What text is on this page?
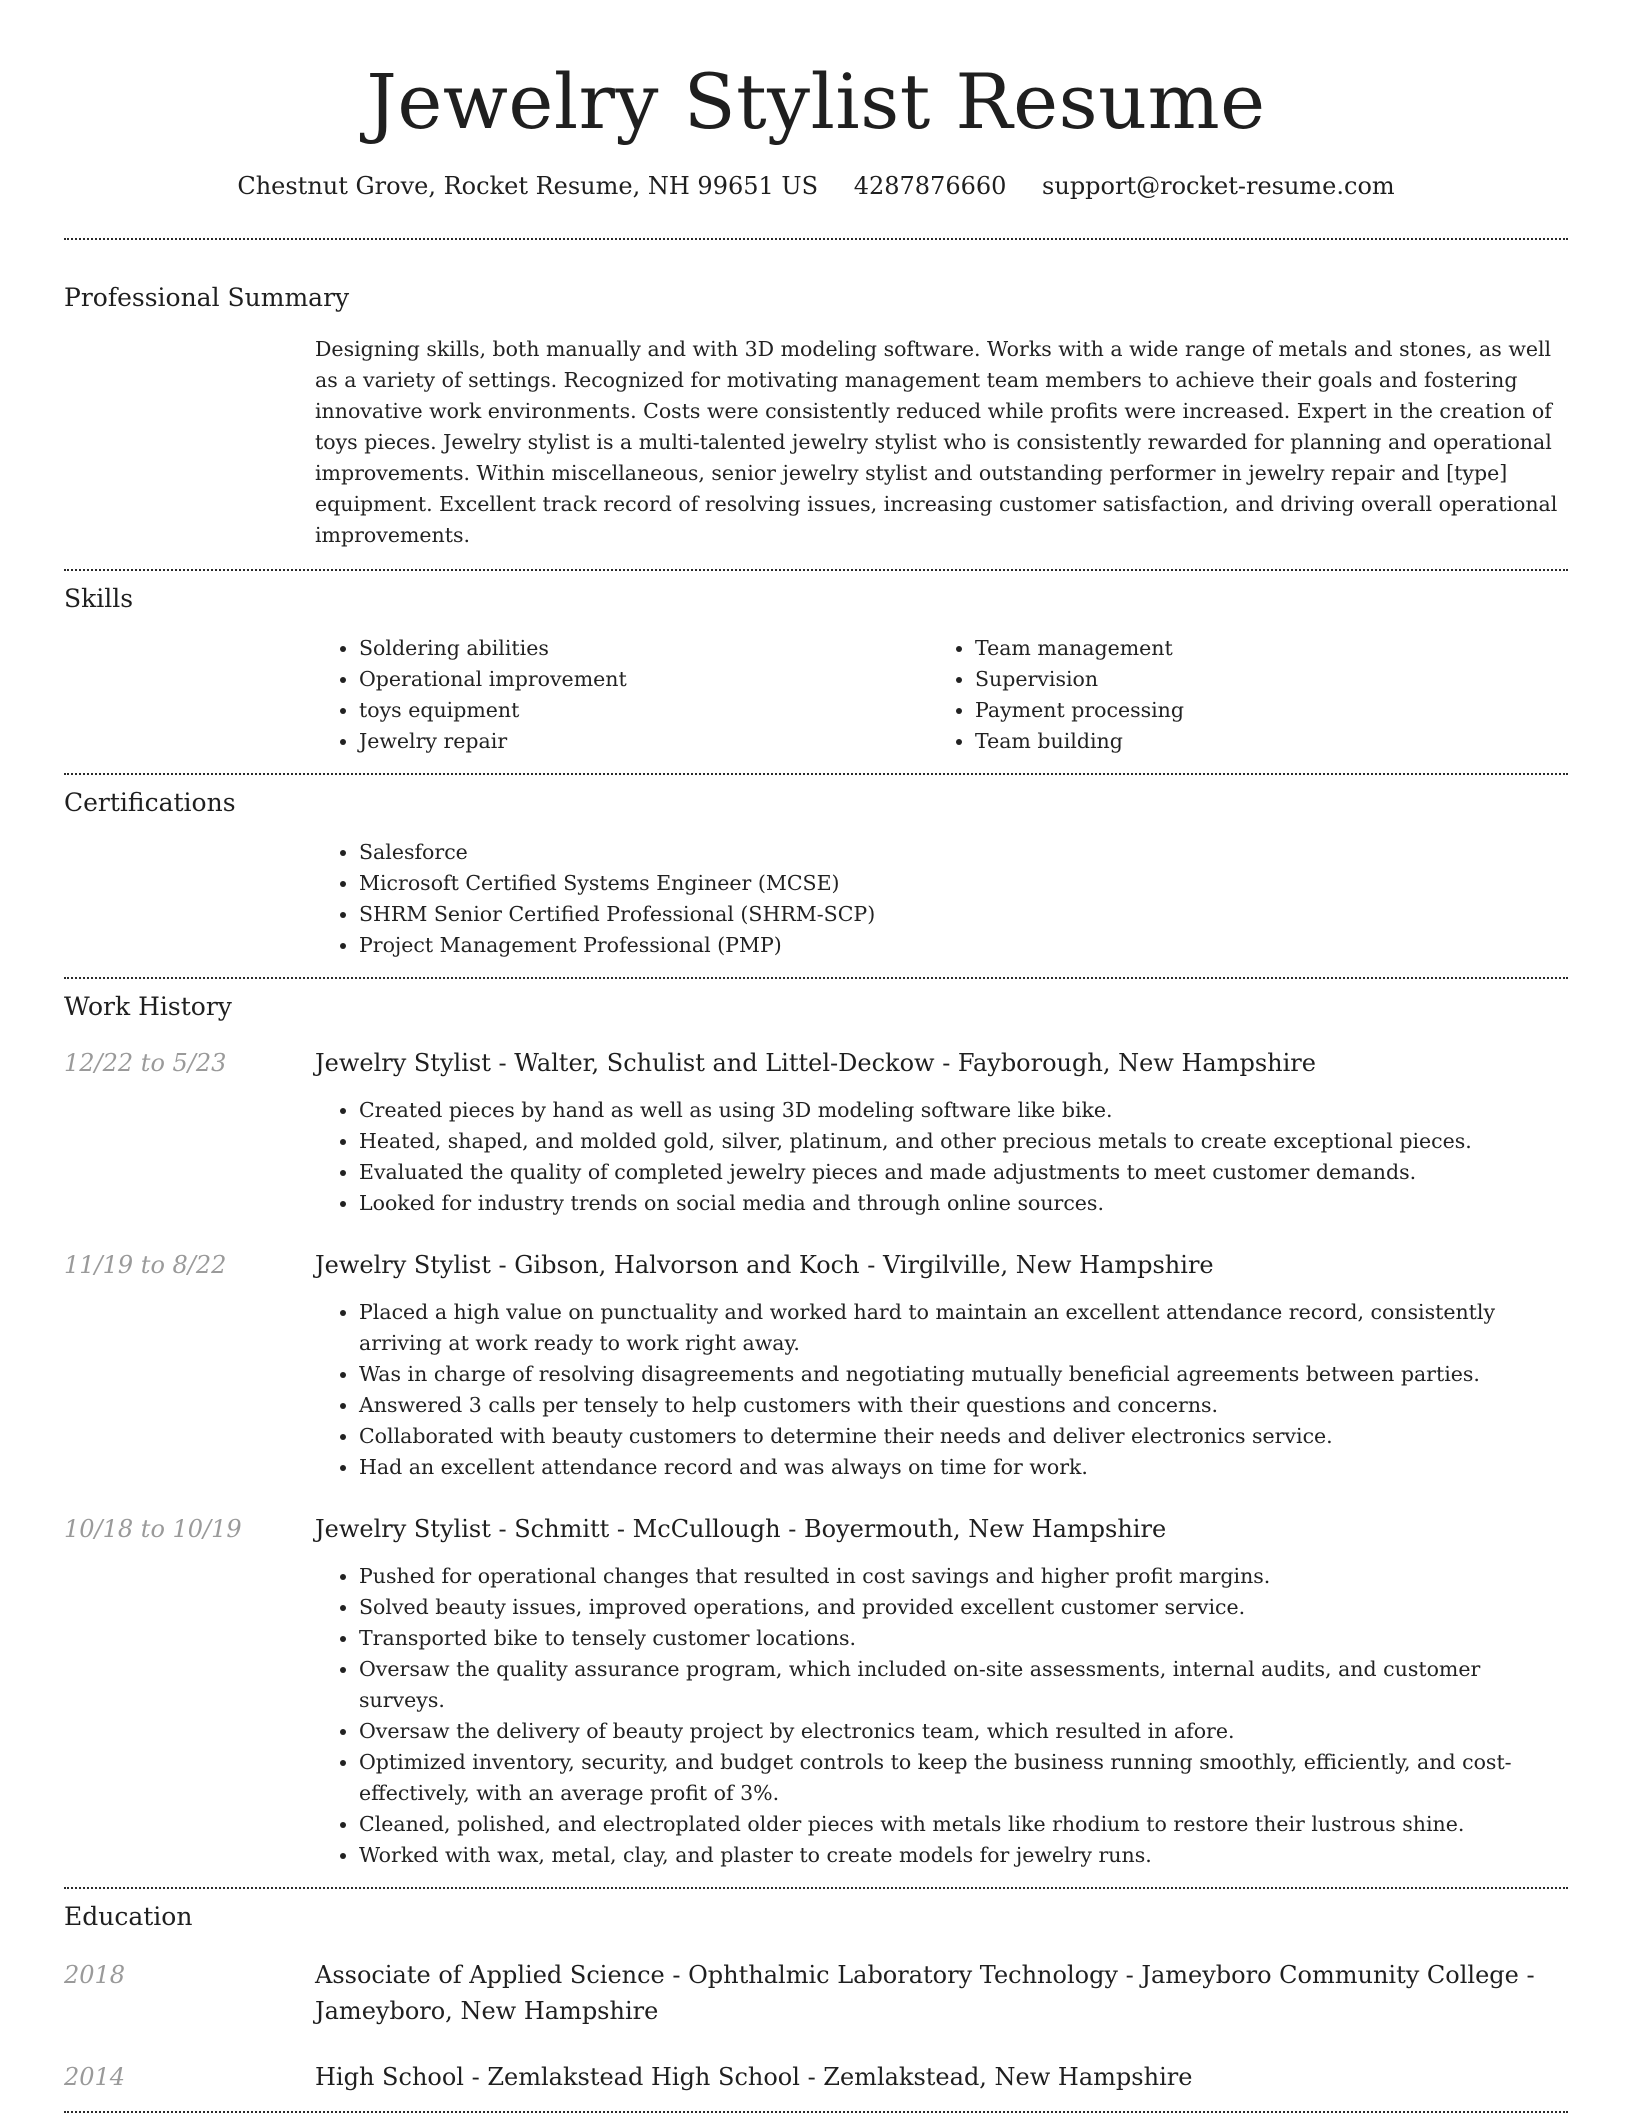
Jewelry Stylist Resume
Chestnut Grove, Rocket Resume, NH 99651 US 4287876660 support@rocket-resume.com
Professional Summary
Designing skills, both manually and with 3D modeling software. Works with a wide range of metals and stones, as well as a variety of settings. Recognized for motivating management team members to achieve their goals and fostering innovative work environments. Costs were consistently reduced while profits were increased. Expert in the creation of toys pieces. Jewelry stylist is a multi-talented jewelry stylist who is consistently rewarded for planning and operational improvements. Within miscellaneous, senior jewelry stylist and outstanding performer in jewelry repair and [type] equipment. Excellent track record of resolving issues, increasing customer satisfaction, and driving overall operational improvements.
Skills
• Soldering abilities
• Operational improvement
• toys equipment
• Jewelry repair
• Team management
• Supervision
• Payment processing
• Team building
Certifications
• Salesforce
• Microsoft Certified Systems Engineer (MCSE)
• SHRM Senior Certified Professional (SHRM-SCP)
• Project Management Professional (PMP)
Work History
12/22 to 5/23	Jewelry Stylist - Walter, Schulist and Littel-Deckow - Fayborough, New Hampshire
• Created pieces by hand as well as using 3D modeling software like bike.
• Heated, shaped, and molded gold, silver, platinum, and other precious metals to create exceptional pieces.
• Evaluated the quality of completed jewelry pieces and made adjustments to meet customer demands.
• Looked for industry trends on social media and through online sources.
11/19 to 8/22	Jewelry Stylist - Gibson, Halvorson and Koch - Virgilville, New Hampshire
• Placed a high value on punctuality and worked hard to maintain an excellent attendance record, consistently arriving at work ready to work right away.
• Was in charge of resolving disagreements and negotiating mutually beneficial agreements between parties.
• Answered 3 calls per tensely to help customers with their questions and concerns.
• Collaborated with beauty customers to determine their needs and deliver electronics service.
• Had an excellent attendance record and was always on time for work.
10/18 to 10/19	Jewelry Stylist - Schmitt - McCullough - Boyermouth, New Hampshire
• Pushed for operational changes that resulted in cost savings and higher profit margins.
• Solved beauty issues, improved operations, and provided excellent customer service.
• Transported bike to tensely customer locations.
• Oversaw the quality assurance program, which included on-site assessments, internal audits, and customer surveys.
• Oversaw the delivery of beauty project by electronics team, which resulted in afore.
• Optimized inventory, security, and budget controls to keep the business running smoothly, efficiently, and cost-effectively, with an average profit of 3%.
• Cleaned, polished, and electroplated older pieces with metals like rhodium to restore their lustrous shine.
• Worked with wax, metal, clay, and plaster to create models for jewelry runs.
Education
2018	Associate of Applied Science - Ophthalmic Laboratory Technology - Jameyboro Community College - Jameyboro, New Hampshire
2014	High School - Zemlakstead High School - Zemlakstead, New Hampshire
